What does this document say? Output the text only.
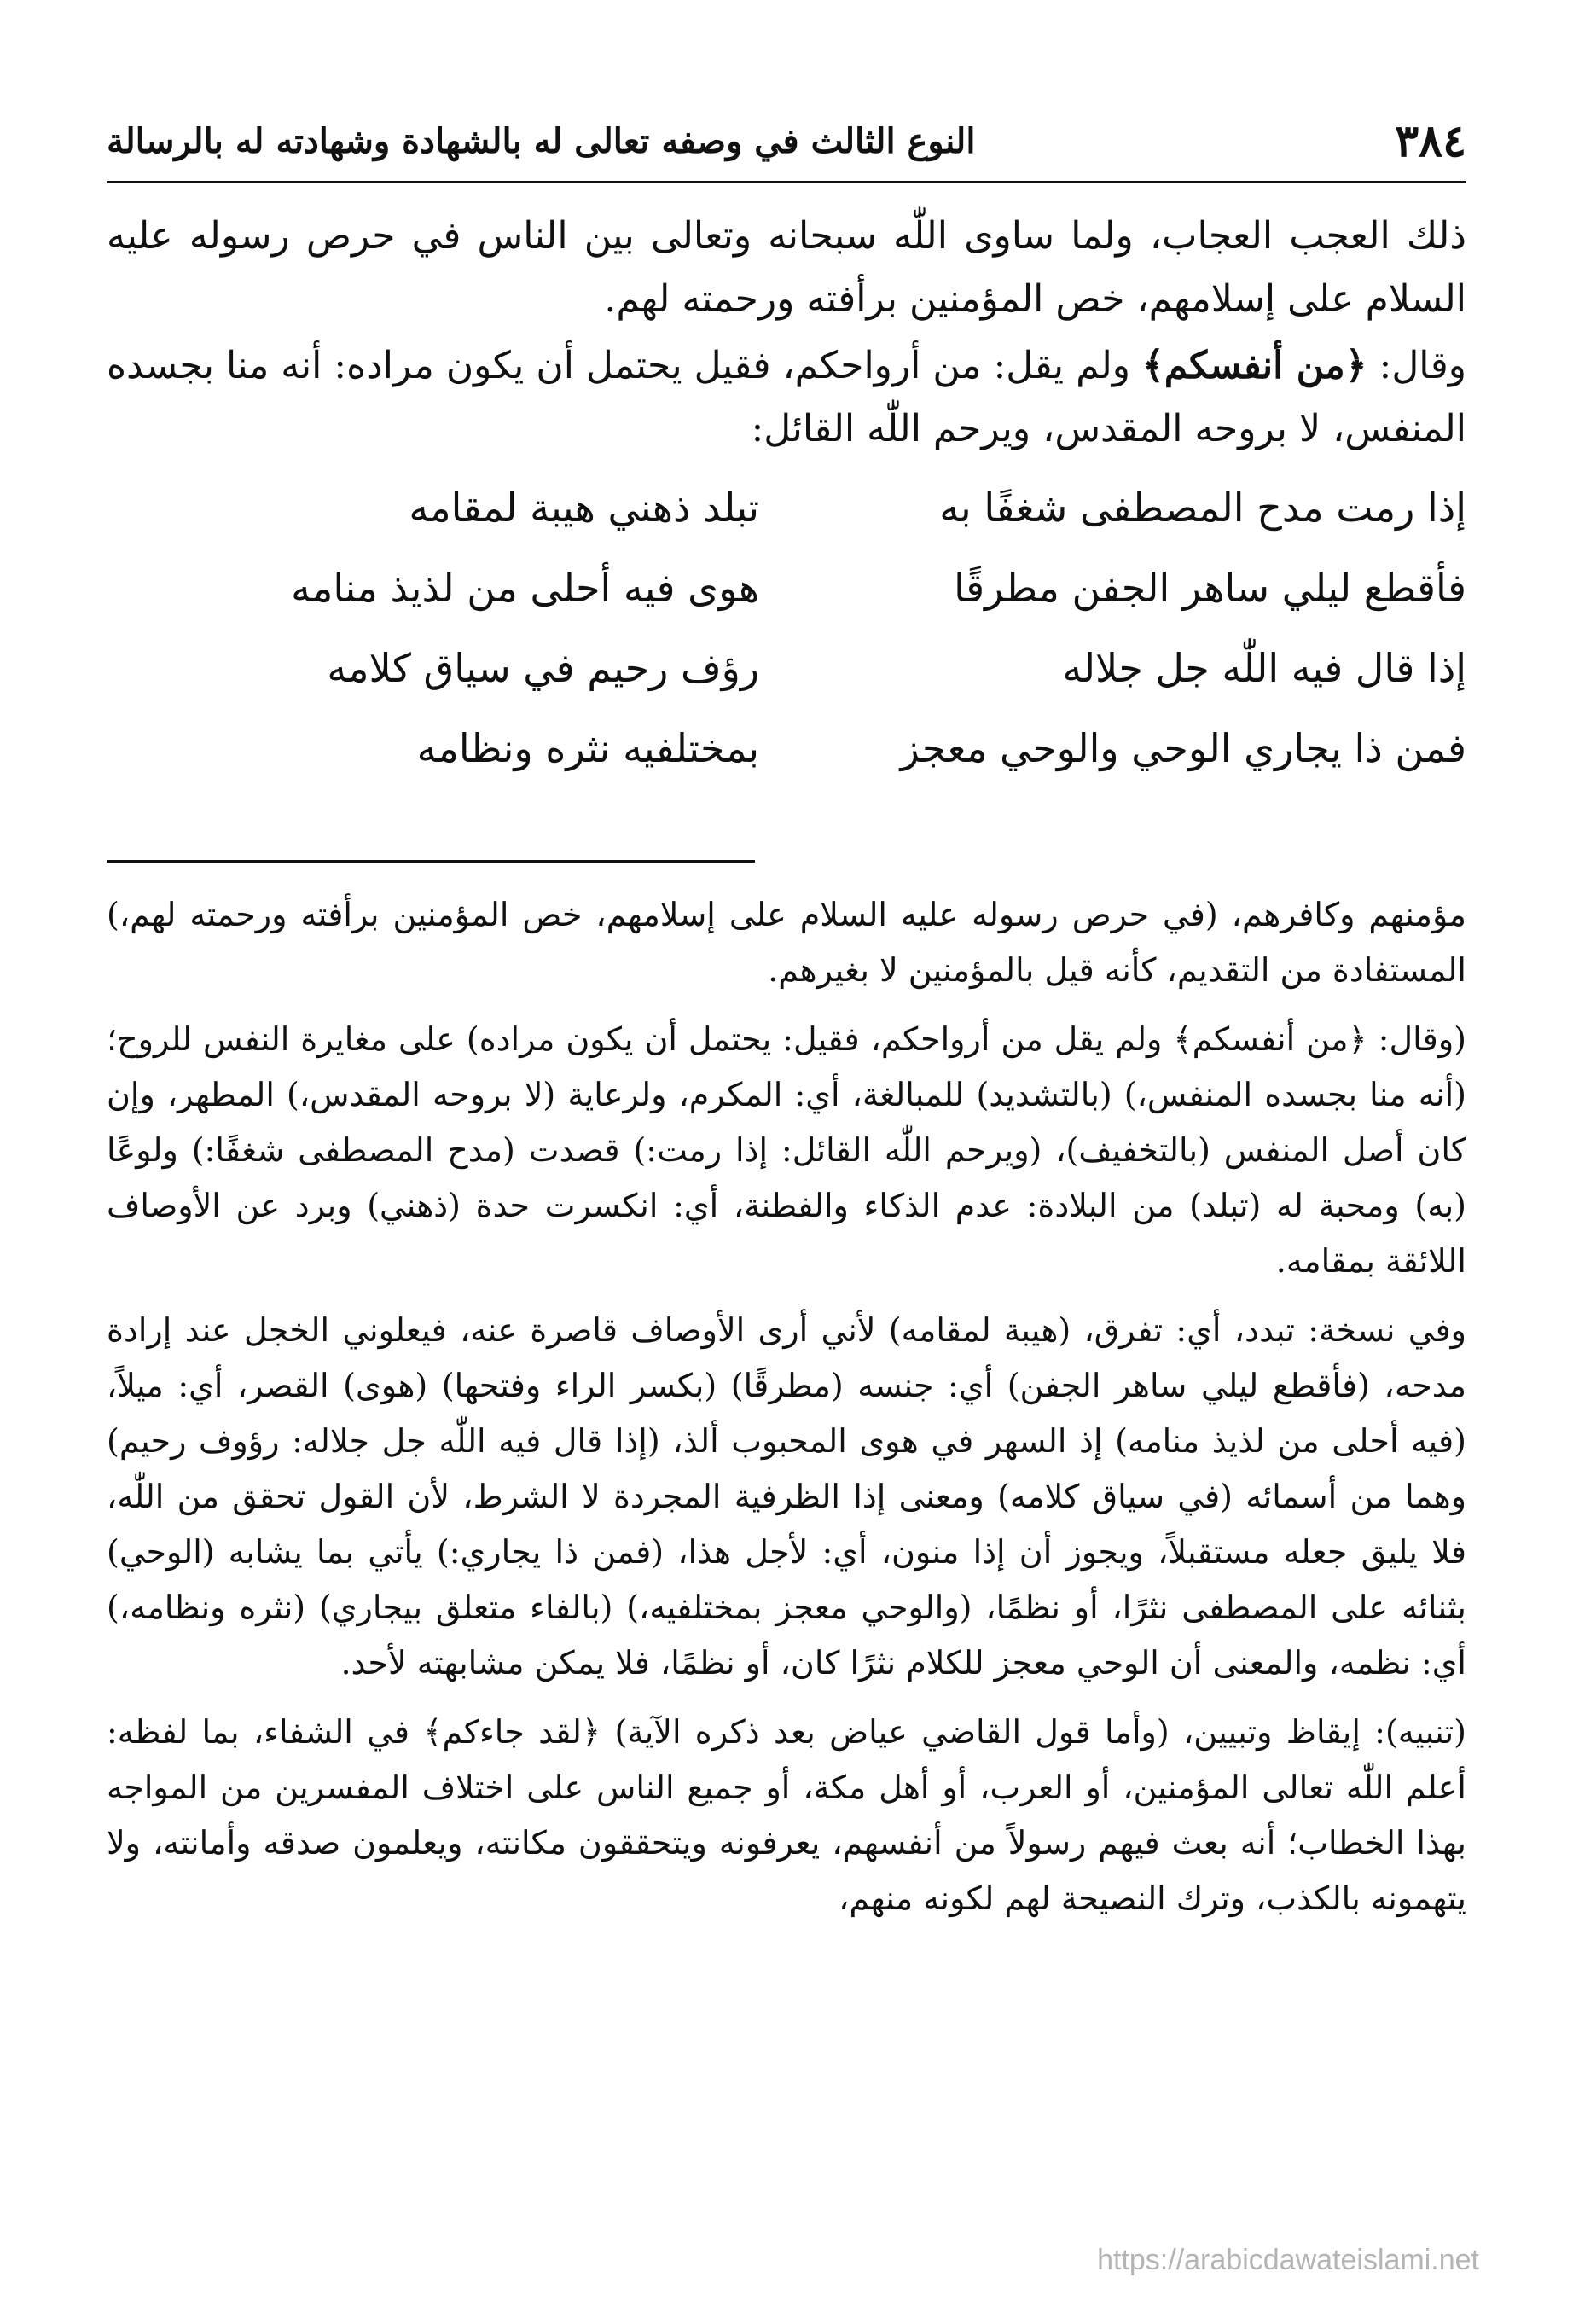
٣٨٤
النوع الثالث في وصفه تعالى له بالشهادة وشهادته له بالرسالة

ذلك العجب العجاب، ولما ساوى اللّٰه سبحانه وتعالى بين الناس في حرص رسوله عليه السلام على إسلامهم، خص المؤمنين برأفته ورحمته لهم.

وقال: ﴿من أنفسكم﴾ ولم يقل: من أرواحكم، فقيل يحتمل أن يكون مراده: أنه منا بجسده المنفس، لا بروحه المقدس، ويرحم اللّٰه القائل:

إذا رمت مدح المصطفى شغفًا به
تبلد ذهني هيبة لمقامه
فأقطع ليلي ساهر الجفن مطرقًا
هوى فيه أحلى من لذيذ منامه
إذا قال فيه اللّٰه جل جلاله
رؤف رحيم في سياق كلامه
فمن ذا يجاري الوحي والوحي معجز
بمختلفيه نثره ونظامه

مؤمنهم وكافرهم، (في حرص رسوله عليه السلام على إسلامهم، خص المؤمنين برأفته ورحمته لهم،) المستفادة من التقديم، كأنه قيل بالمؤمنين لا بغيرهم.

(وقال: ﴿من أنفسكم﴾ ولم يقل من أرواحكم، فقيل: يحتمل أن يكون مراده) على مغايرة النفس للروح؛ (أنه منا بجسده المنفس،) (بالتشديد) للمبالغة، أي: المكرم، ولرعاية (لا بروحه المقدس،) المطهر، وإن كان أصل المنفس (بالتخفيف)، (ويرحم اللّٰه القائل: إذا رمت:) قصدت (مدح المصطفى شغفًا:) ولوعًا (به) ومحبة له (تبلد) من البلادة: عدم الذكاء والفطنة، أي: انكسرت حدة (ذهني) وبرد عن الأوصاف اللائقة بمقامه.

وفي نسخة: تبدد، أي: تفرق، (هيبة لمقامه) لأني أرى الأوصاف قاصرة عنه، فيعلوني الخجل عند إرادة مدحه، (فأقطع ليلي ساهر الجفن) أي: جنسه (مطرقًا) (بكسر الراء وفتحها) (هوى) القصر، أي: ميلاً، (فيه أحلى من لذيذ منامه) إذ السهر في هوى المحبوب ألذ، (إذا قال فيه اللّٰه جل جلاله: رؤوف رحيم) وهما من أسمائه (في سياق كلامه) ومعنى إذا الظرفية المجردة لا الشرط، لأن القول تحقق من اللّٰه، فلا يليق جعله مستقبلاً، ويجوز أن إذا منون، أي: لأجل هذا، (فمن ذا يجاري:) يأتي بما يشابه (الوحي) بثنائه على المصطفى نثرًا، أو نظمًا، (والوحي معجز بمختلفيه،) (بالفاء متعلق بيجاري) (نثره ونظامه،) أي: نظمه، والمعنى أن الوحي معجز للكلام نثرًا كان، أو نظمًا، فلا يمكن مشابهته لأحد.

(تنبيه): إيقاظ وتبيين، (وأما قول القاضي عياض بعد ذكره الآية) ﴿لقد جاءكم﴾ في الشفاء، بما لفظه: أعلم اللّٰه تعالى المؤمنين، أو العرب، أو أهل مكة، أو جميع الناس على اختلاف المفسرين من المواجه بهذا الخطاب؛ أنه بعث فيهم رسولاً من أنفسهم، يعرفونه ويتحققون مكانته، ويعلمون صدقه وأمانته، ولا يتهمونه بالكذب، وترك النصيحة لهم لكونه منهم،

https://arabicdawateislami.net
